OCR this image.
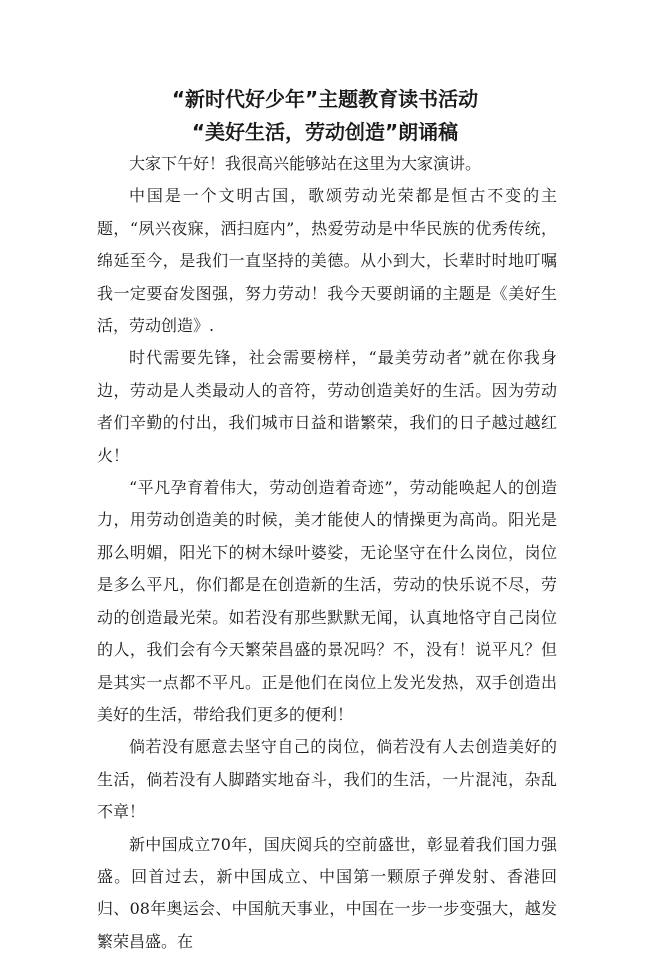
“新时代好少年”主题教育读书活动
“美好生活，劳动创造”朗诵稿

大家下午好！我很高兴能够站在这里为大家演讲。

中国是一个文明古国，歌颂劳动光荣都是恒古不变的主题，“夙兴夜寐，洒扫庭内”，热爱劳动是中华民族的优秀传统，绵延至今，是我们一直坚持的美德。从小到大，长辈时时地叮嘱我一定要奋发图强，努力劳动！我今天要朗诵的主题是《美好生活，劳动创造》.

时代需要先锋，社会需要榜样，“最美劳动者”就在你我身边，劳动是人类最动人的音符，劳动创造美好的生活。因为劳动者们辛勤的付出，我们城市日益和谐繁荣，我们的日子越过越红火！

“平凡孕育着伟大，劳动创造着奇迹”，劳动能唤起人的创造力，用劳动创造美的时候，美才能使人的情操更为高尚。阳光是那么明媚，阳光下的树木绿叶婆娑，无论坚守在什么岗位，岗位是多么平凡，你们都是在创造新的生活，劳动的快乐说不尽，劳动的创造最光荣。如若没有那些默默无闻，认真地恪守自己岗位的人，我们会有今天繁荣昌盛的景况吗？不，没有！说平凡？但是其实一点都不平凡。正是他们在岗位上发光发热，双手创造出美好的生活，带给我们更多的便利！

倘若没有愿意去坚守自己的岗位，倘若没有人去创造美好的生活，倘若没有人脚踏实地奋斗，我们的生活，一片混沌，杂乱不章！

新中国成立70年，国庆阅兵的空前盛世，彰显着我们国力强盛。回首过去，新中国成立、中国第一颗原子弹发射、香港回归、08年奥运会、中国航天事业，中国在一步一步变强大，越发繁荣昌盛。在
